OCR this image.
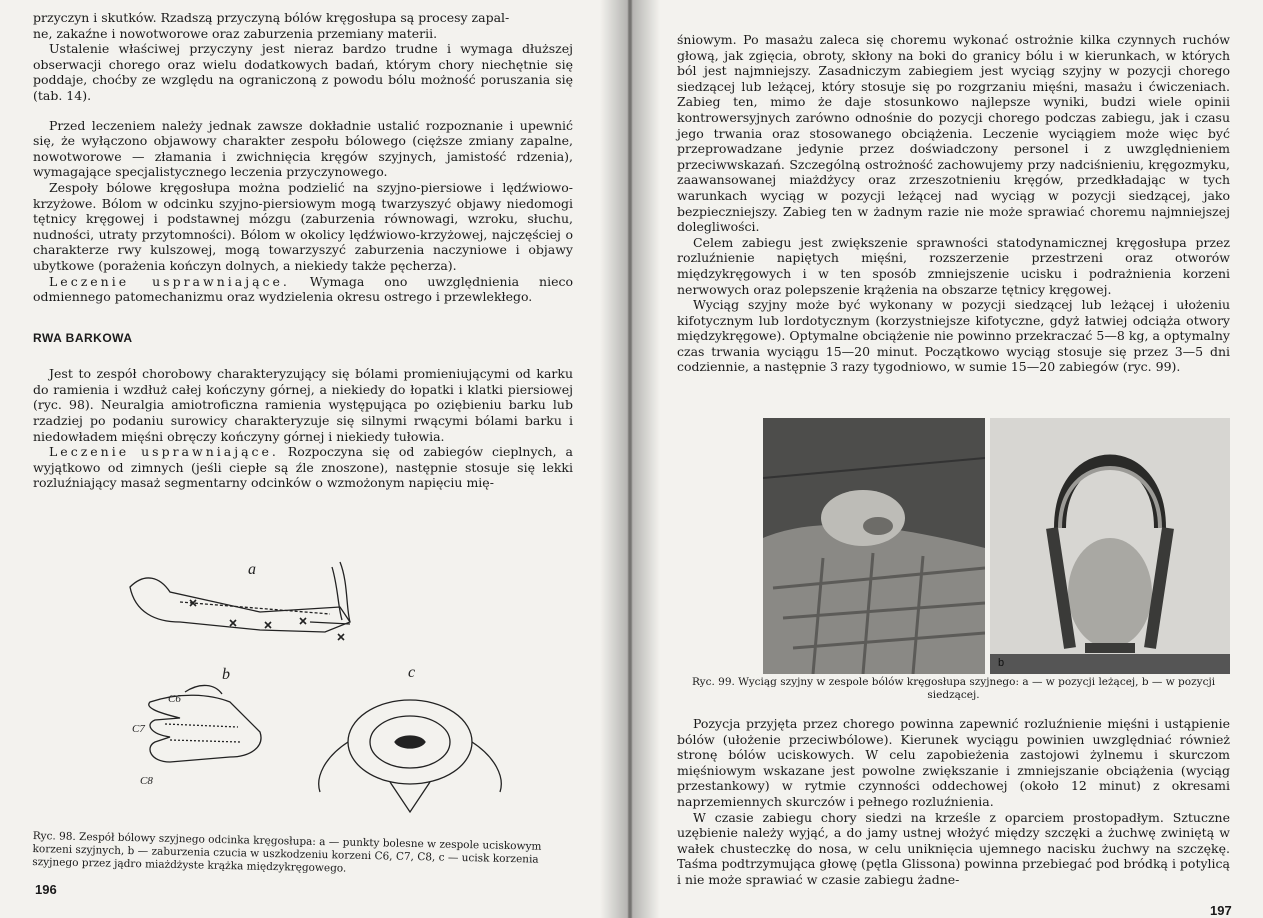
przyczyn i skutków. Rzadszą przyczyną bólów kręgosłupa są procesy zapal-

ne, zakaźne i nowotworowe oraz zaburzenia przemiany materii.

Ustalenie właściwej przyczyny jest nieraz bardzo trudne i wymaga dłuższej obserwacji chorego oraz wielu dodatkowych badań, którym chory niechętnie się poddaje, choćby ze względu na ograniczoną z powodu bólu możność poruszania się (tab. 14).

Przed leczeniem należy jednak zawsze dokładnie ustalić rozpoznanie i upewnić się, że wyłączono objawowy charakter zespołu bólowego (cięższe zmiany zapalne, nowotworowe — złamania i zwichnięcia kręgów szyjnych, jamistość rdzenia), wymagające specjalistycznego leczenia przyczynowego.

Zespoły bólowe kręgosłupa można podzielić na szyjno-piersiowe i lędźwiowo-krzyżowe. Bólom w odcinku szyjno-piersiowym mogą twarzyszyć objawy niedomogi tętnicy kręgowej i podstawnej mózgu (zaburzenia równowagi, wzroku, słuchu, nudności, utraty przytomności). Bólom w okolicy lędźwiowo-krzyżowej, najczęściej o charakterze rwy kulszowej, mogą towarzyszyć zaburzenia naczyniowe i objawy ubytkowe (porażenia kończyn dolnych, a niekiedy także pęcherza).

Leczenie usprawniające. Wymaga ono uwzględnienia nieco odmiennego patomechanizmu oraz wydzielenia okresu ostrego i przewlekłego.

RWA BARKOWA

Jest to zespół chorobowy charakteryzujący się bólami promieniującymi od karku do ramienia i wzdłuż całej kończyny górnej, a niekiedy do łopatki i klatki piersiowej (ryc. 98). Neuralgia amiotroficzna ramienia występująca po oziębieniu barku lub rzadziej po podaniu surowicy charakteryzuje się silnymi rwącymi bólami barku i niedowładem mięśni obręczy kończyny górnej i niekiedy tułowia.

Leczenie usprawniające. Rozpoczyna się od zabiegów cieplnych, a wyjątkowo od zimnych (jeśli ciepłe są źle znoszone), następnie stosuje się lekki rozluźniający masaż segmentarny odcinków o wzmożonym napięciu mię-

a
b	c
C6
C7
C8
Ryc. 98. Zespół bólowy szyjnego odcinka kręgosłupa: a — punkty bolesne w zespole uciskowym korzeni szyjnych, b — zaburzenia czucia w uszkodzeniu korzeni C6, C7, C8, c — ucisk korzenia szyjnego przez jądro miażdżyste krążka międzykręgowego.
196

śniowym. Po masażu zaleca się choremu wykonać ostrożnie kilka czynnych ruchów głową, jak zgięcia, obroty, skłony na boki do granicy bólu i w kierunkach, w których ból jest najmniejszy. Zasadniczym zabiegiem jest wyciąg szyjny w pozycji chorego siedzącej lub leżącej, który stosuje się po rozgrzaniu mięśni, masażu i ćwiczeniach. Zabieg ten, mimo że daje stosunkowo najlepsze wyniki, budzi wiele opinii kontrowersyjnych zarówno odnośnie do pozycji chorego podczas zabiegu, jak i czasu jego trwania oraz stosowanego obciążenia. Leczenie wyciągiem może więc być przeprowadzane jedynie przez doświadczony personel i z uwzględnieniem przeciwwskazań. Szczególną ostrożność zachowujemy przy nadciśnieniu, kręgozmyku, zaawansowanej miażdżycy oraz zrzeszotnieniu kręgów, przedkładając w tych warunkach wyciąg w pozycji leżącej nad wyciąg w pozycji siedzącej, jako bezpieczniejszy. Zabieg ten w żadnym razie nie może sprawiać choremu najmniejszej dolegliwości.

Celem zabiegu jest zwiększenie sprawności statodynamicznej kręgosłupa przez rozluźnienie napiętych mięśni, rozszerzenie przestrzeni oraz otworów międzykręgowych i w ten sposób zmniejszenie ucisku i podrażnienia korzeni nerwowych oraz polepszenie krążenia na obszarze tętnicy kręgowej.

Wyciąg szyjny może być wykonany w pozycji siedzącej lub leżącej i ułożeniu kifotycznym lub lordotycznym (korzystniejsze kifotyczne, gdyż łatwiej odciąża otwory międzykręgowe). Optymalne obciążenie nie powinno przekraczać 5—8 kg, a optymalny czas trwania wyciągu 15—20 minut. Początkowo wyciąg stosuje się przez 3—5 dni codziennie, a następnie 3 razy tygodniowo, w sumie 15—20 zabiegów (ryc. 99).

b
Ryc. 99. Wyciąg szyjny w zespole bólów kręgosłupa szyjnego: a — w pozycji leżącej, b — w pozycji siedzącej.

Pozycja przyjęta przez chorego powinna zapewnić rozluźnienie mięśni i ustąpienie bólów (ułożenie przeciwbólowe). Kierunek wyciągu powinien uwzględniać również stronę bólów uciskowych. W celu zapobieżenia zastojowi żylnemu i skurczom mięśniowym wskazane jest powolne zwiększanie i zmniejszanie obciążenia (wyciąg przestankowy) w rytmie czynności oddechowej (około 12 minut) z okresami naprzemiennych skurczów i pełnego rozluźnienia.

W czasie zabiegu chory siedzi na krześle z oparciem prostopadłym. Sztuczne uzębienie należy wyjąć, a do jamy ustnej włożyć między szczęki a żuchwę zwiniętą w wałek chusteczkę do nosa, w celu uniknięcia ujemnego nacisku żuchwy na szczękę. Taśma podtrzymująca głowę (pętla Glissona) powinna przebiegać pod bródką i potylicą i nie może sprawiać w czasie zabiegu żadne-

197
